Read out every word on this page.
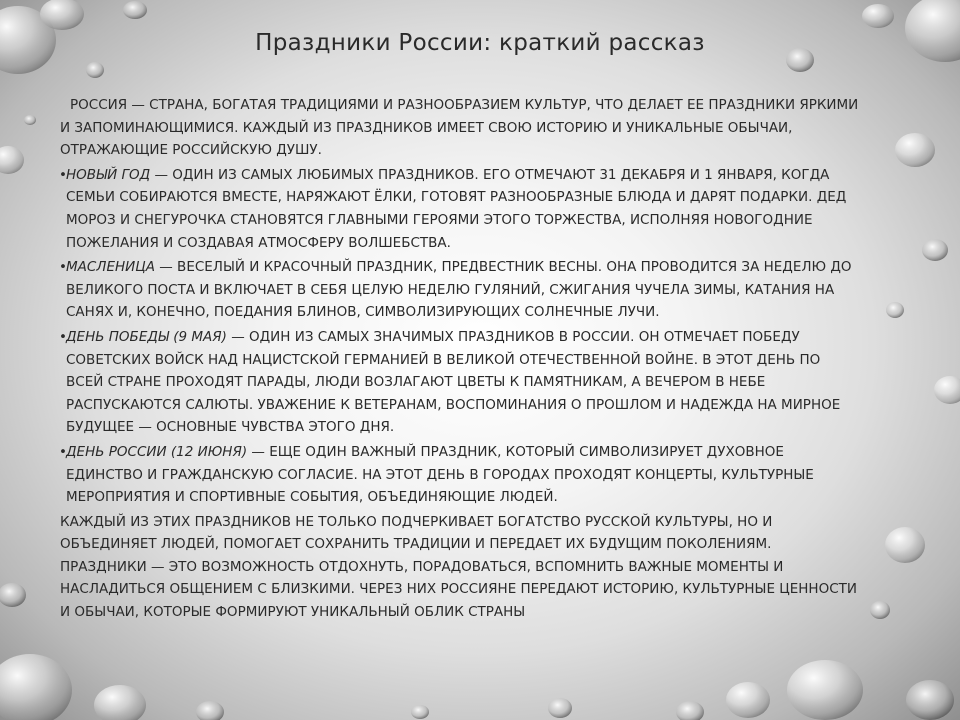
Праздники России: краткий рассказ

РОССИЯ — СТРАНА, БОГАТАЯ ТРАДИЦИЯМИ И РАЗНООБРАЗИЕМ КУЛЬТУР, ЧТО ДЕЛАЕТ ЕЕ ПРАЗДНИКИ ЯРКИМИ И ЗАПОМИНАЮЩИМИСЯ. КАЖДЫЙ ИЗ ПРАЗДНИКОВ ИМЕЕТ СВОЮ ИСТОРИЮ И УНИКАЛЬНЫЕ ОБЫЧАИ, ОТРАЖАЮЩИЕ РОССИЙСКУЮ ДУШУ.

• НОВЫЙ ГОД — ОДИН ИЗ САМЫХ ЛЮБИМЫХ ПРАЗДНИКОВ. ЕГО ОТМЕЧАЮТ 31 ДЕКАБРЯ И 1 ЯНВАРЯ, КОГДА СЕМЬИ СОБИРАЮТСЯ ВМЕСТЕ, НАРЯЖАЮТ ЁЛКИ, ГОТОВЯТ РАЗНООБРАЗНЫЕ БЛЮДА И ДАРЯТ ПОДАРКИ. ДЕД МОРОЗ И СНЕГУРОЧКА СТАНОВЯТСЯ ГЛАВНЫМИ ГЕРОЯМИ ЭТОГО ТОРЖЕСТВА, ИСПОЛНЯЯ НОВОГОДНИЕ ПОЖЕЛАНИЯ И СОЗДАВАЯ АТМОСФЕРУ ВОЛШЕБСТВА.

• МАСЛЕНИЦА — ВЕСЕЛЫЙ И КРАСОЧНЫЙ ПРАЗДНИК, ПРЕДВЕСТНИК ВЕСНЫ. ОНА ПРОВОДИТСЯ ЗА НЕДЕЛЮ ДО ВЕЛИКОГО ПОСТА И ВКЛЮЧАЕТ В СЕБЯ ЦЕЛУЮ НЕДЕЛЮ ГУЛЯНИЙ, СЖИГАНИЯ ЧУЧЕЛА ЗИМЫ, КАТАНИЯ НА САНЯХ И, КОНЕЧНО, ПОЕДАНИЯ БЛИНОВ, СИМВОЛИЗИРУЮЩИХ СОЛНЕЧНЫЕ ЛУЧИ.

• ДЕНЬ ПОБЕДЫ (9 МАЯ) — ОДИН ИЗ САМЫХ ЗНАЧИМЫХ ПРАЗДНИКОВ В РОССИИ. ОН ОТМЕЧАЕТ ПОБЕДУ СОВЕТСКИХ ВОЙСК НАД НАЦИСТСКОЙ ГЕРМАНИЕЙ В ВЕЛИКОЙ ОТЕЧЕСТВЕННОЙ ВОЙНЕ. В ЭТОТ ДЕНЬ ПО ВСЕЙ СТРАНЕ ПРОХОДЯТ ПАРАДЫ, ЛЮДИ ВОЗЛАГАЮТ ЦВЕТЫ К ПАМЯТНИКАМ, А ВЕЧЕРОМ В НЕБЕ РАСПУСКАЮТСЯ САЛЮТЫ. УВАЖЕНИЕ К ВЕТЕРАНАМ, ВОСПОМИНАНИЯ О ПРОШЛОМ И НАДЕЖДА НА МИРНОЕ БУДУЩЕЕ — ОСНОВНЫЕ ЧУВСТВА ЭТОГО ДНЯ.

• ДЕНЬ РОССИИ (12 ИЮНЯ) — ЕЩЕ ОДИН ВАЖНЫЙ ПРАЗДНИК, КОТОРЫЙ СИМВОЛИЗИРУЕТ ДУХОВНОЕ ЕДИНСТВО И ГРАЖДАНСКУЮ СОГЛАСИЕ. НА ЭТОТ ДЕНЬ В ГОРОДАХ ПРОХОДЯТ КОНЦЕРТЫ, КУЛЬТУРНЫЕ МЕРОПРИЯТИЯ И СПОРТИВНЫЕ СОБЫТИЯ, ОБЪЕДИНЯЮЩИЕ ЛЮДЕЙ.

КАЖДЫЙ ИЗ ЭТИХ ПРАЗДНИКОВ НЕ ТОЛЬКО ПОДЧЕРКИВАЕТ БОГАТСТВО РУССКОЙ КУЛЬТУРЫ, НО И ОБЪЕДИНЯЕТ ЛЮДЕЙ, ПОМОГАЕТ СОХРАНИТЬ ТРАДИЦИИ И ПЕРЕДАЕТ ИХ БУДУЩИМ ПОКОЛЕНИЯМ. ПРАЗДНИКИ — ЭТО ВОЗМОЖНОСТЬ ОТДОХНУТЬ, ПОРАДОВАТЬСЯ, ВСПОМНИТЬ ВАЖНЫЕ МОМЕНТЫ И НАСЛАДИТЬСЯ ОБЩЕНИЕМ С БЛИЗКИМИ. ЧЕРЕЗ НИХ РОССИЯНЕ ПЕРЕДАЮТ ИСТОРИЮ, КУЛЬТУРНЫЕ ЦЕННОСТИ И ОБЫЧАИ, КОТОРЫЕ ФОРМИРУЮТ УНИКАЛЬНЫЙ ОБЛИК СТРАНЫ
